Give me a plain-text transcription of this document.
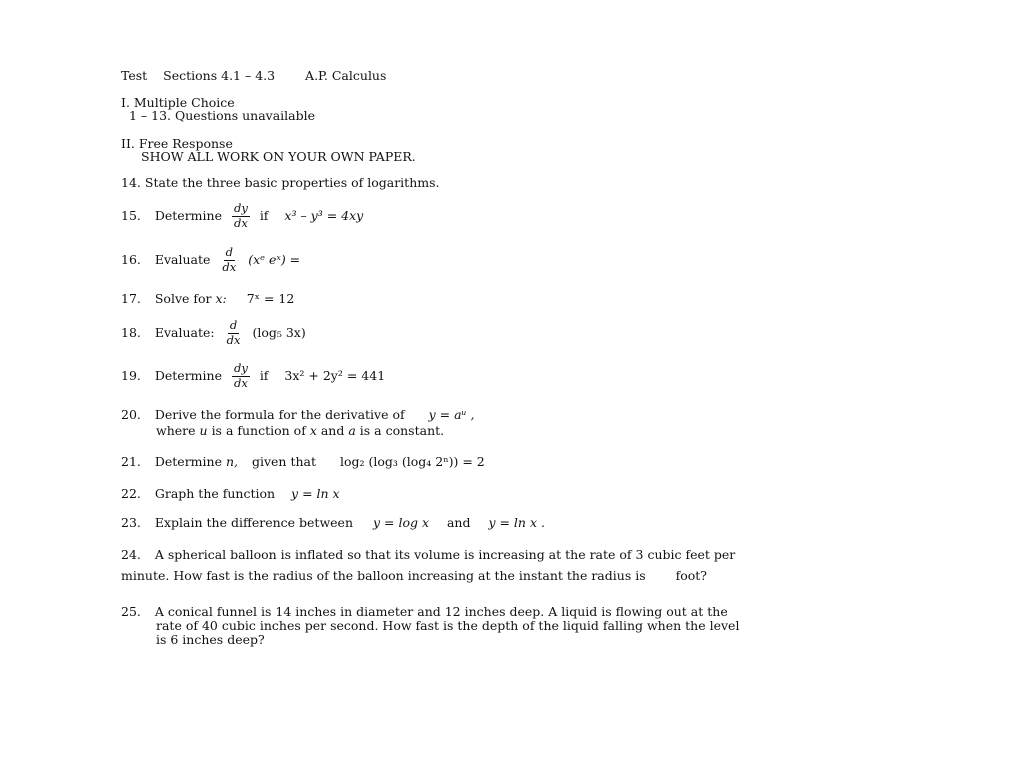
Test Sections 4.1 – 4.3 A.P. Calculus
I. Multiple Choice
1 – 13. Questions unavailable
II. Free Response
SHOW ALL WORK ON YOUR OWN PAPER.
14. State the three basic properties of logarithms.
15. Determine $\frac{dy}{dx}$ if x³ – y³ = 4xy
16. Evaluate $\frac{d}{dx}$ (xᵉ eˣ) =
17. Solve for x: 7ˣ = 12
18. Evaluate: $\frac{d}{dx} (\log_5$ 3x)
19. Determine $\frac{dy}{dx}$ if 3x² + 2y² = 441
20. Derive the formula for the derivative of y = aᵘ ,
where u is a function of x and a is a constant.
21. Determine n, given that log₂ (log₃ (log₄ 2ⁿ)) = 2
22. Graph the function y = ln x
23. Explain the difference between y = log x and y = ln x .
24. A spherical balloon is inflated so that its volume is increasing at the rate of 3 cubic feet per
minute. How fast is the radius of the balloon increasing at the instant the radius is foot?
25. A conical funnel is 14 inches in diameter and 12 inches deep. A liquid is flowing out at the
rate of 40 cubic inches per second. How fast is the depth of the liquid falling when the level
is 6 inches deep?
